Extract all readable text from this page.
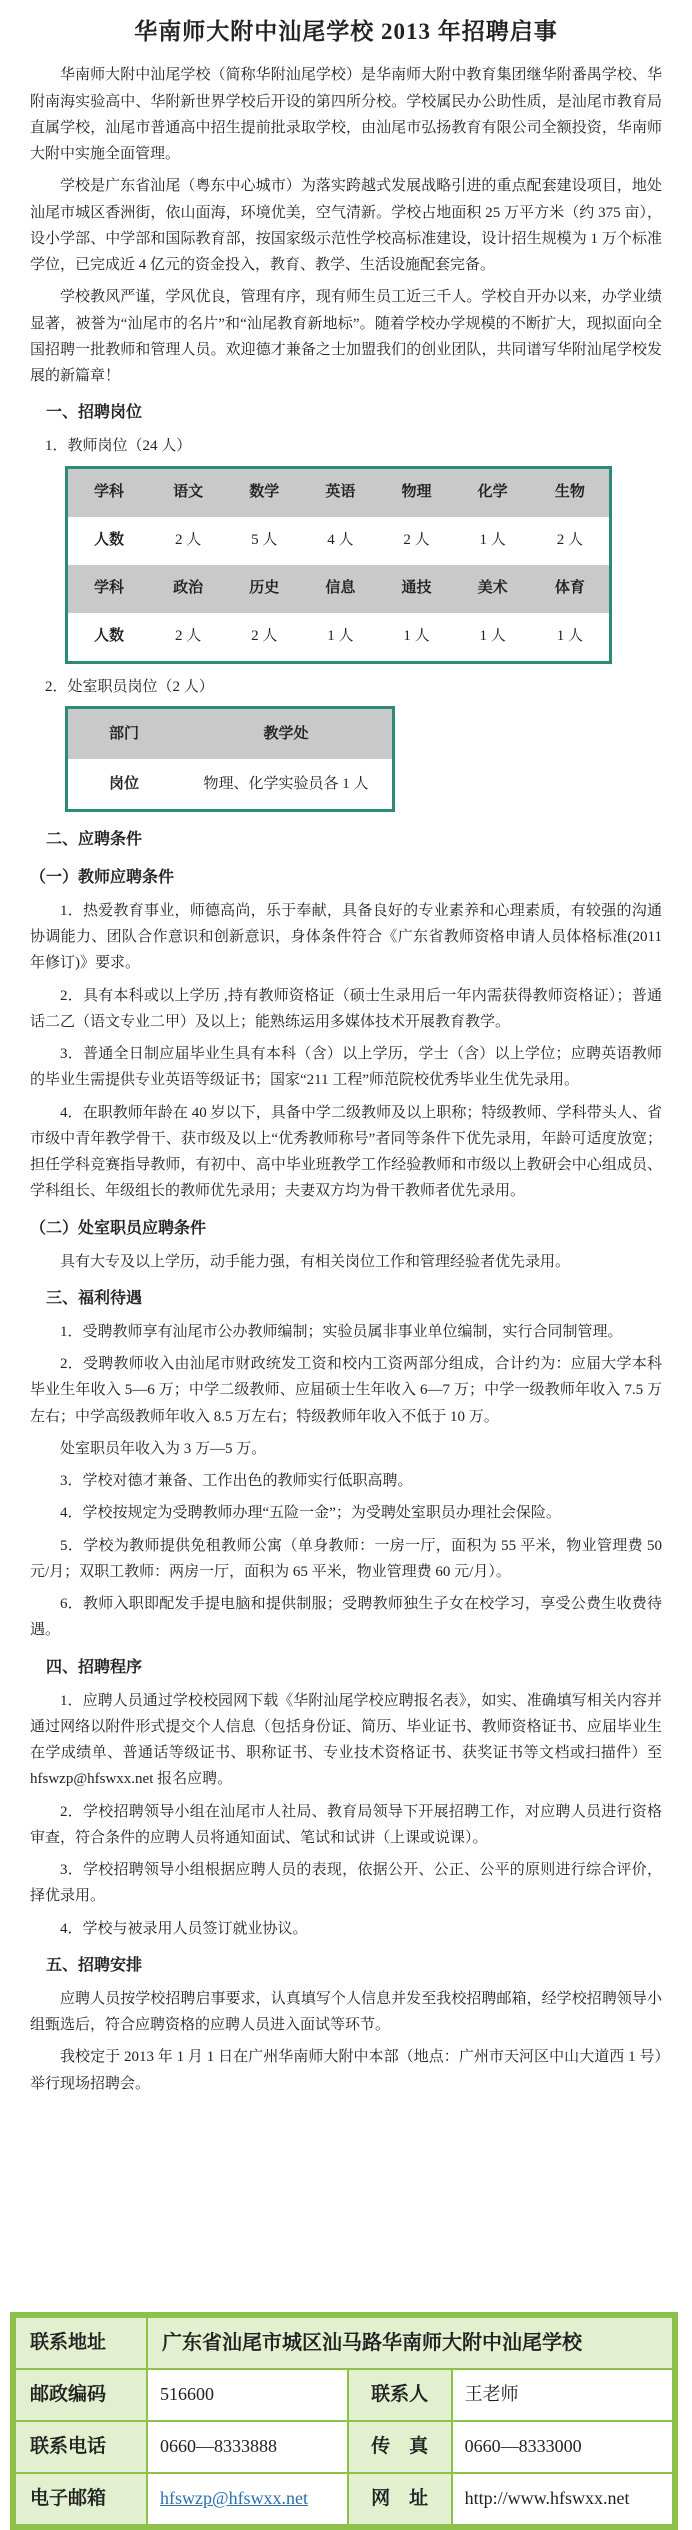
华南师大附中汕尾学校 2013 年招聘启事

华南师大附中汕尾学校（简称华附汕尾学校）是华南师大附中教育集团继华附番禺学校、华附南海实验高中、华附新世界学校后开设的第四所分校。学校属民办公助性质，是汕尾市教育局直属学校，汕尾市普通高中招生提前批录取学校，由汕尾市弘扬教育有限公司全额投资，华南师大附中实施全面管理。

学校是广东省汕尾（粤东中心城市）为落实跨越式发展战略引进的重点配套建设项目，地处汕尾市城区香洲街，依山面海，环境优美，空气清新。学校占地面积 25 万平方米（约 375 亩），设小学部、中学部和国际教育部，按国家级示范性学校高标准建设，设计招生规模为 1 万个标准学位，已完成近 4 亿元的资金投入，教育、教学、生活设施配套完备。

学校教风严谨，学风优良，管理有序，现有师生员工近三千人。学校自开办以来，办学业绩显著，被誉为“汕尾市的名片”和“汕尾教育新地标”。随着学校办学规模的不断扩大，现拟面向全国招聘一批教师和管理人员。欢迎德才兼备之士加盟我们的创业团队，共同谱写华附汕尾学校发展的新篇章！

一、招聘岗位

1．教师岗位（24 人）

学科	语文	数学	英语	物理	化学	生物
人数	2 人	5 人	4 人	2 人	1 人	2 人
学科	政治	历史	信息	通技	美术	体育
人数	2 人	2 人	1 人	1 人	1 人	1 人

2．处室职员岗位（2 人）

部门	教学处
岗位	物理、化学实验员各 1 人

二、应聘条件

（一）教师应聘条件

1．热爱教育事业，师德高尚，乐于奉献，具备良好的专业素养和心理素质，有较强的沟通协调能力、团队合作意识和创新意识，身体条件符合《广东省教师资格申请人员体格标准(2011 年修订)》要求。

2．具有本科或以上学历 ,持有教师资格证（硕士生录用后一年内需获得教师资格证）；普通话二乙（语文专业二甲）及以上；能熟练运用多媒体技术开展教育教学。

3．普通全日制应届毕业生具有本科（含）以上学历，学士（含）以上学位；应聘英语教师的毕业生需提供专业英语等级证书；国家“211 工程”师范院校优秀毕业生优先录用。

4．在职教师年龄在 40 岁以下，具备中学二级教师及以上职称；特级教师、学科带头人、省市级中青年教学骨干、获市级及以上“优秀教师称号”者同等条件下优先录用，年龄可适度放宽；担任学科竞赛指导教师，有初中、高中毕业班教学工作经验教师和市级以上教研会中心组成员、学科组长、年级组长的教师优先录用；夫妻双方均为骨干教师者优先录用。

（二）处室职员应聘条件

具有大专及以上学历，动手能力强，有相关岗位工作和管理经验者优先录用。

三、福利待遇

1．受聘教师享有汕尾市公办教师编制；实验员属非事业单位编制，实行合同制管理。

2．受聘教师收入由汕尾市财政统发工资和校内工资两部分组成，合计约为：应届大学本科毕业生年收入 5—6 万；中学二级教师、应届硕士生年收入 6—7 万；中学一级教师年收入 7.5 万左右；中学高级教师年收入 8.5 万左右；特级教师年收入不低于 10 万。

处室职员年收入为 3 万—5 万。

3．学校对德才兼备、工作出色的教师实行低职高聘。

4．学校按规定为受聘教师办理“五险一金”；为受聘处室职员办理社会保险。

5．学校为教师提供免租教师公寓（单身教师：一房一厅，面积为 55 平米，物业管理费 50 元/月；双职工教师：两房一厅，面积为 65 平米，物业管理费 60 元/月）。

6．教师入职即配发手提电脑和提供制服；受聘教师独生子女在校学习，享受公费生收费待遇。

四、招聘程序

1．应聘人员通过学校校园网下载《华附汕尾学校应聘报名表》，如实、准确填写相关内容并通过网络以附件形式提交个人信息（包括身份证、简历、毕业证书、教师资格证书、应届毕业生在学成绩单、普通话等级证书、职称证书、专业技术资格证书、获奖证书等文档或扫描件）至 hfswzp@hfswxx.net 报名应聘。

2．学校招聘领导小组在汕尾市人社局、教育局领导下开展招聘工作，对应聘人员进行资格审查，符合条件的应聘人员将通知面试、笔试和试讲（上课或说课）。

3．学校招聘领导小组根据应聘人员的表现，依据公开、公正、公平的原则进行综合评价，择优录用。

4．学校与被录用人员签订就业协议。

五、招聘安排

应聘人员按学校招聘启事要求，认真填写个人信息并发至我校招聘邮箱，经学校招聘领导小组甄选后，符合应聘资格的应聘人员进入面试等环节。

我校定于 2013 年 1 月 1 日在广州华南师大附中本部（地点：广州市天河区中山大道西 1 号）举行现场招聘会。

联系地址	广东省汕尾市城区汕马路华南师大附中汕尾学校		
邮政编码	516600	联系人	王老师
联系电话	0660—8333888	传　真	0660—8333000
电子邮箱	hfswzp@hfswxx.net	网　址	http://www.hfswxx.net
